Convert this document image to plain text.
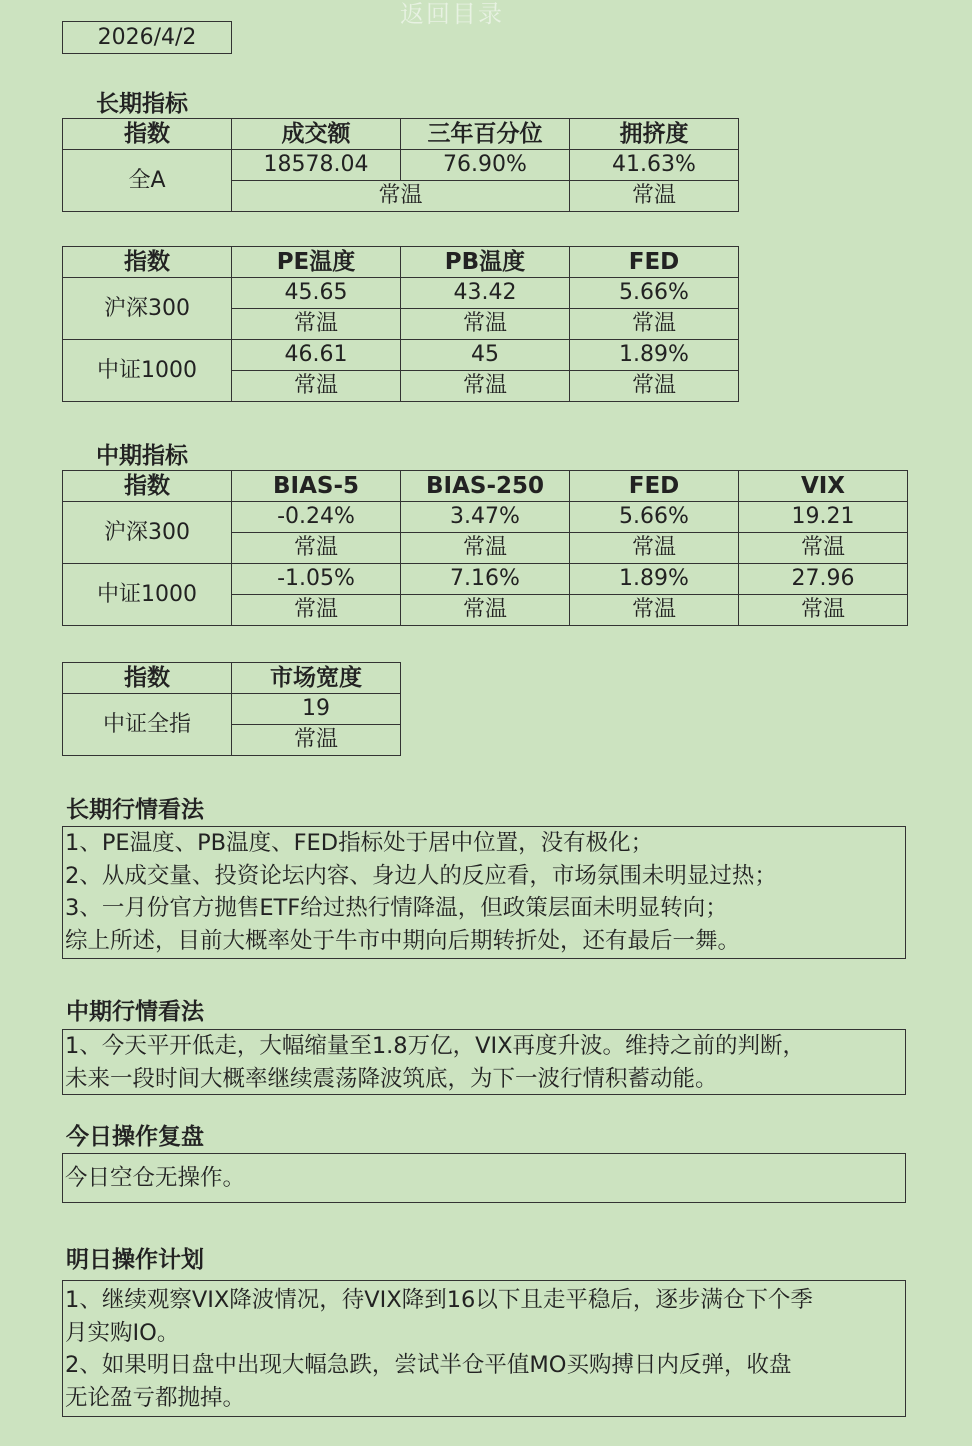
返回目录
2026/4/2
长期指标
指数	成交额	三年百分位	拥挤度
全A	18578.04	76.90%	41.63%
	常温		常温
指数	PE温度	PB温度	FED
沪深300	45.65	43.42	5.66%
	常温	常温	常温
中证1000	46.61	45	1.89%
	常温	常温	常温
中期指标
指数	BIAS-5	BIAS-250	FED	VIX
沪深300	-0.24%	3.47%	5.66%	19.21
	常温	常温	常温	常温
中证1000	-1.05%	7.16%	1.89%	27.96
	常温	常温	常温	常温
指数	市场宽度
中证全指	19
	常温
长期行情看法
1、PE温度、PB温度、FED指标处于居中位置，没有极化；
2、从成交量、投资论坛内容、身边人的反应看，市场氛围未明显过热；
3、一月份官方抛售ETF给过热行情降温，但政策层面未明显转向；
综上所述，目前大概率处于牛市中期向后期转折处，还有最后一舞。
中期行情看法
1、今天平开低走，大幅缩量至1.8万亿，VIX再度升波。维持之前的判断，
未来一段时间大概率继续震荡降波筑底，为下一波行情积蓄动能。
今日操作复盘
今日空仓无操作。
明日操作计划
1、继续观察VIX降波情况，待VIX降到16以下且走平稳后，逐步满仓下个季
月实购IO。
2、如果明日盘中出现大幅急跌，尝试半仓平值MO买购搏日内反弹，收盘
无论盈亏都抛掉。
